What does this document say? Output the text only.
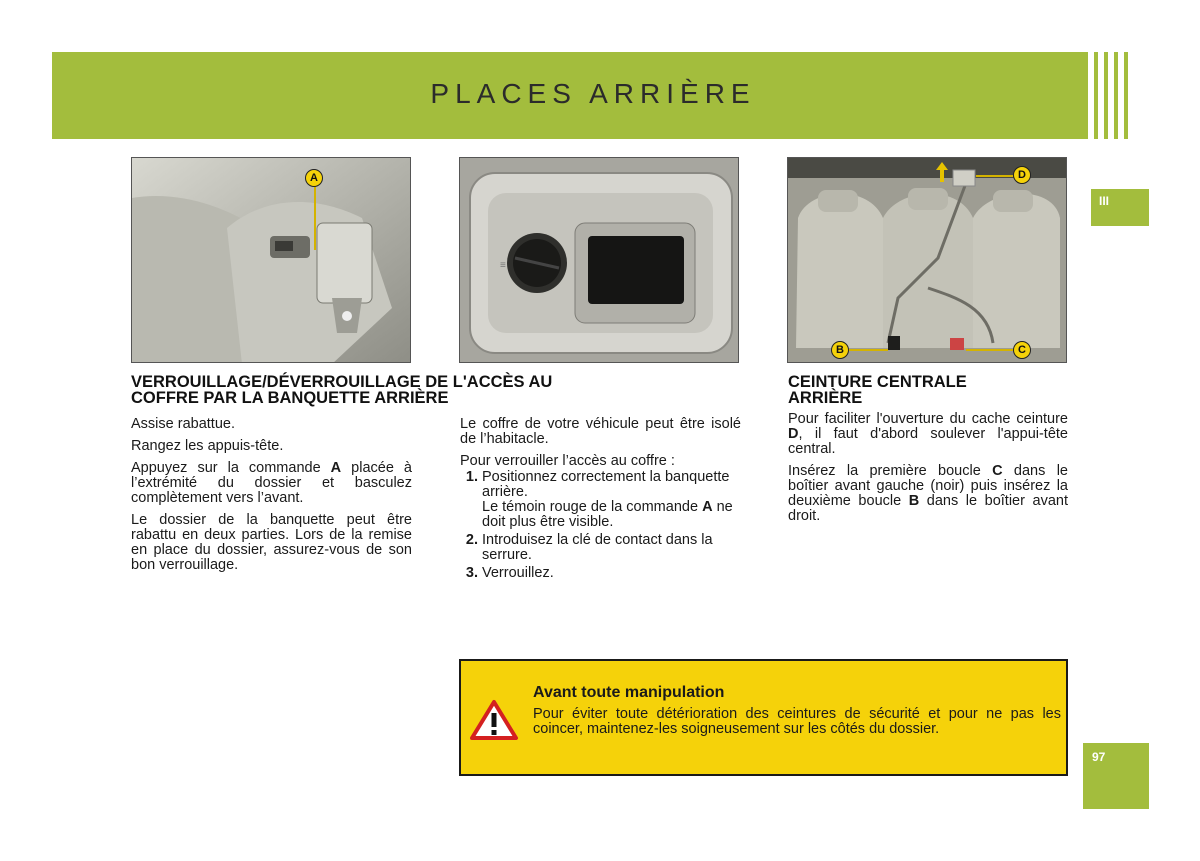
PLACES ARRIÈRE
III
A
≡
D
B	C
VERROUILLAGE/DÉVERROUILLAGE DE L'ACCÈS AU
COFFRE PAR LA BANQUETTE ARRIÈRE

Assise rabattue.

Rangez les appuis-tête.

Appuyez sur la commande A placée à l’extrémité du dossier et basculez complètement vers l’avant.

Le dossier de la banquette peut être rabattu en deux parties. Lors de la remise en place du dossier, assurez-vous de son bon verrouillage.

Le coffre de votre véhicule peut être isolé de l’habitacle.

Pour verrouiller l’accès au coffre :

1. Positionnez correctement la banquette arrière.
Le témoin rouge de la commande A ne doit plus être visible.
2. Introduisez la clé de contact dans la serrure.
3. Verrouillez.
CEINTURE CENTRALE
ARRIÈRE

Pour faciliter l'ouverture du cache ceinture D, il faut d'abord soulever l'appui-tête central.

Insérez la première boucle C dans le boîtier avant gauche (noir) puis insérez la deuxième boucle B dans le boîtier avant droit.

Avant toute manipulation
Pour éviter toute détérioration des ceintures de sécurité et pour ne pas les coincer, maintenez-les soigneusement sur les côtés du dossier.
97
